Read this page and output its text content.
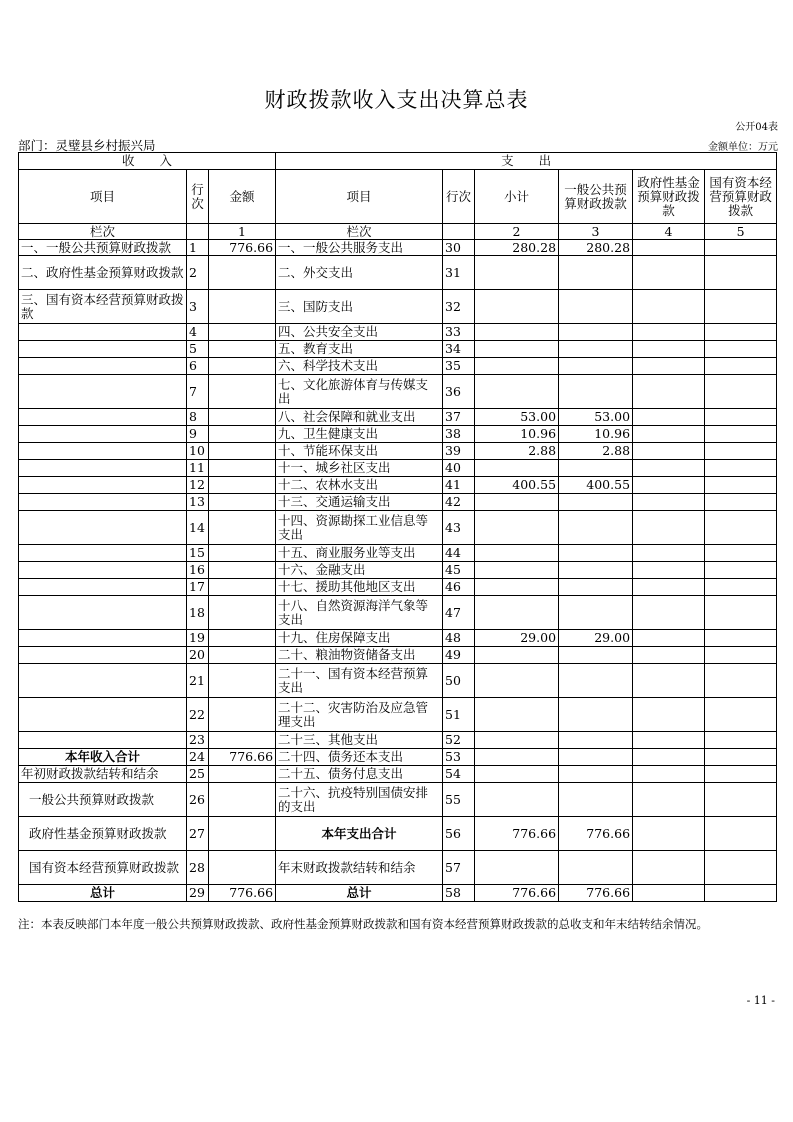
财政拨款收入支出决算总表
公开04表
部门：灵璧县乡村振兴局	金额单位：万元
收　　入			支　　出					
项目	行次	金额	项目	行次	小计	一般公共预算财政拨款	政府性基金预算财政拨款	国有资本经营预算财政拨款
栏次		1	栏次		2	3	4	5
一、一般公共预算财政拨款	1	776.66	一、一般公共服务支出	30	280.28	280.28		
二、政府性基金预算财政拨款	2		二、外交支出	31				
三、国有资本经营预算财政拨款	3		三、国防支出	32				
	4		四、公共安全支出	33				
	5		五、教育支出	34				
	6		六、科学技术支出	35				
	7		七、文化旅游体育与传媒支出	36				
	8		八、社会保障和就业支出	37	53.00	53.00		
	9		九、卫生健康支出	38	10.96	10.96		
	10		十、节能环保支出	39	2.88	2.88		
	11		十一、城乡社区支出	40				
	12		十二、农林水支出	41	400.55	400.55		
	13		十三、交通运输支出	42				
	14		十四、资源勘探工业信息等支出	43				
	15		十五、商业服务业等支出	44				
	16		十六、金融支出	45				
	17		十七、援助其他地区支出	46				
	18		十八、自然资源海洋气象等支出	47				
	19		十九、住房保障支出	48	29.00	29.00		
	20		二十、粮油物资储备支出	49				
	21		二十一、国有资本经营预算支出	50				
	22		二十二、灾害防治及应急管理支出	51				
	23		二十三、其他支出	52				
本年收入合计	24	776.66	二十四、债务还本支出	53				
年初财政拨款结转和结余	25		二十五、债务付息支出	54				
一般公共预算财政拨款	26		二十六、抗疫特别国债安排的支出	55				
政府性基金预算财政拨款	27		本年支出合计	56	776.66	776.66		
国有资本经营预算财政拨款	28		年末财政拨款结转和结余	57				
总计	29	776.66	总计	58	776.66	776.66		
注：本表反映部门本年度一般公共预算财政拨款、政府性基金预算财政拨款和国有资本经营预算财政拨款的总收支和年末结转结余情况。
- 11 -
